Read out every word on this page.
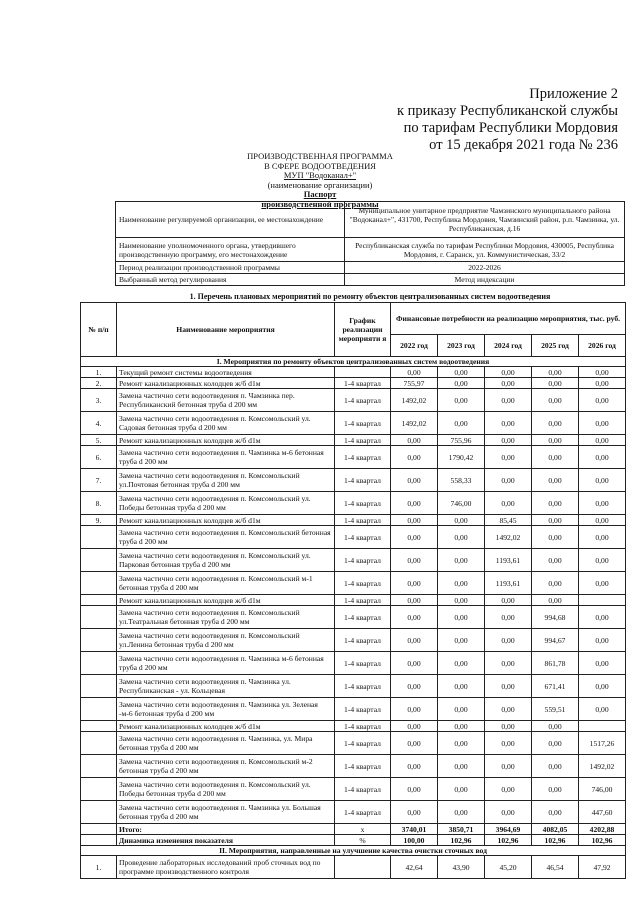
Приложение 2
к приказу Республиканской службы
по тарифам Республики Мордовия
от 15 декабря 2021 года № 236
ПРОИЗВОДСТВЕННАЯ ПРОГРАММА
В СФЕРЕ ВОДООТВЕДЕНИЯ
МУП "Водоканал+"
(наименование организации)
Паспорт
производственной программы
Наименование регулируемой организации, ее местонахождение	Муниципальное унитарное предприятие Чамзинского муниципального района "Водоканал+", 431700, Республика Мордовия, Чамзинский район, р.п. Чамзинка, ул. Республиканская, д.16
Наименование уполномоченного органа, утвердившего производственную программу, его местонахождение	Республиканская служба по тарифам Республики Мордовия, 430005, Республика Мордовия, г. Саранск, ул. Коммунистическая, 33/2
Период реализации производственной программы	2022-2026
Выбранный метод регулирования	Метод индексации
1. Перечень плановых мероприятий по ремонту объектов централизованных систем водоотведения
№ п/п	Наименование мероприятия	График реализации мероприяти я	Финансовые потребности на реализацию мероприятия, тыс. руб.				
			2022 год	2023 год	2024 год	2025 год	2026 год
I. Мероприятия по ремонту объектов централизованных систем водоотведения							
1.	Текущий ремонт системы водоотведения		0,00	0,00	0,00	0,00	0,00
2.	Ремонт канализационных колодцев ж/б d1м	1-4 квартал	755,97	0,00	0,00	0,00	0,00
3.	Замена частично сети водоотведения п. Чамзинка пер. Республиканский бетонная труба d 200 мм	1-4 квартал	1492,02	0,00	0,00	0,00	0,00
4.	Замена частично сети водоотведения п. Комсомольский ул. Садовая бетонная труба d 200 мм	1-4 квартал	1492,02	0,00	0,00	0,00	0,00
5.	Ремонт канализационных колодцев ж/б d1м	1-4 квартал	0,00	755,96	0,00	0,00	0,00
6.	Замена частично сети водоотведения п. Чамзинка м-6 бетонная труба d 200 мм	1-4 квартал	0,00	1790,42	0,00	0,00	0,00
7.	Замена частично сети водоотведения п. Комсомольский ул.Почтовая бетонная труба d 200 мм	1-4 квартал	0,00	558,33	0,00	0,00	0,00
8.	Замена частично сети водоотведения п. Комсомольский ул. Победы бетонная труба d 200 мм	1-4 квартал	0,00	746,00	0,00	0,00	0,00
9.	Ремонт канализационных колодцев ж/б d1м	1-4 квартал	0,00	0,00	85,45	0,00	0,00
	Замена частично сети водоотведения п. Комсомольский бетонная труба d 200 мм	1-4 квартал	0,00	0,00	1492,02	0,00	0,00
	Замена частично сети водоотведения п. Комсомольский ул. Парковая бетонная труба d 200 мм	1-4 квартал	0,00	0,00	1193,61	0,00	0,00
	Замена частично сети водоотведения п. Комсомольский м-1 бетонная труба d 200 мм	1-4 квартал	0,00	0,00	1193,61	0,00	0,00
	Ремонт канализационных колодцев ж/б d1м	1-4 квартал	0,00	0,00	0,00	0,00	
	Замена частично сети водоотведения п. Комсомольский ул.Театральная бетонная труба d 200 мм	1-4 квартал	0,00	0,00	0,00	994,68	0,00
	Замена частично сети водоотведения п. Комсомольский ул.Ленина бетонная труба d 200 мм	1-4 квартал	0,00	0,00	0,00	994,67	0,00
	Замена частично сети водоотведения п. Чамзинка м-6 бетонная труба d 200 мм	1-4 квартал	0,00	0,00	0,00	861,78	0,00
	Замена частично сети водоотведения п. Чамзинка ул. Республиканская - ул. Кольцевая	1-4 квартал	0,00	0,00	0,00	671,41	0,00
	Замена частично сети водоотведения п. Чамзинка ул. Зеленая -м-6 бетонная труба d 200 мм	1-4 квартал	0,00	0,00	0,00	559,51	0,00
	Ремонт канализационных колодцев ж/б d1м	1-4 квартал	0,00	0,00	0,00	0,00	
	Замена частично сети водоотведения п. Чамзинка, ул. Мира бетонная труба d 200 мм	1-4 квартал	0,00	0,00	0,00	0,00	1517,26
	Замена частично сети водоотведения п. Комсомольский м-2 бетонная труба d 200 мм	1-4 квартал	0,00	0,00	0,00	0,00	1492,02
	Замена частично сети водоотведения п. Комсомольский ул. Победы бетонная труба d 200 мм	1-4 квартал	0,00	0,00	0,00	0,00	746,00
	Замена частично сети водоотведения п. Чамзинка ул. Большая бетонная труба d 200 мм	1-4 квартал	0,00	0,00	0,00	0,00	447,60
	Итого:	x	3740,01	3850,71	3964,69	4082,05	4202,88
	Динамика изменения показателя	%	100,00	102,96	102,96	102,96	102,96
II. Мероприятия, направленные на улучшение качества очистки сточных вод							
1.	Проведение лабораторных исследований проб сточных вод по программе производственного контроля		42,64	43,90	45,20	46,54	47,92
